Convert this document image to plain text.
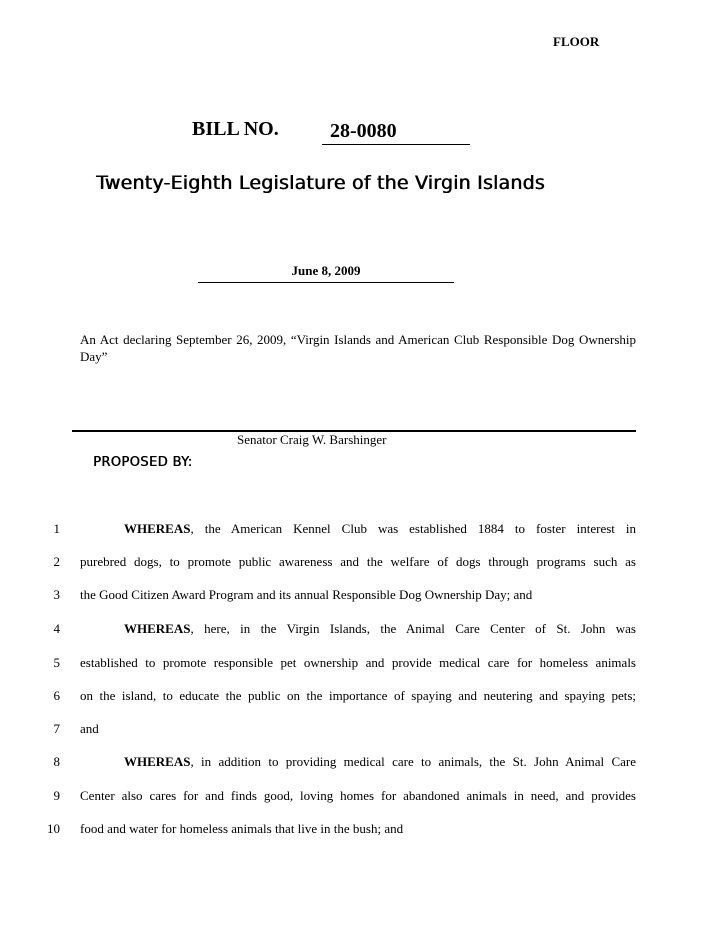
FLOOR
BILL NO.	28-0080
Twenty-Eighth Legislature of the Virgin Islands
June 8, 2009
An Act declaring September 26, 2009, “Virgin Islands and American Club Responsible Dog Ownership Day”
PROPOSED BY:
Senator Craig W. Barshinger
1	WHEREAS, the American Kennel Club was established 1884 to foster interest in
2 purebred dogs, to promote public awareness and the welfare of dogs through programs such as
3 the Good Citizen Award Program and its annual Responsible Dog Ownership Day; and
4	WHEREAS, here, in the Virgin Islands, the Animal Care Center of St. John was
5 established to promote responsible pet ownership and provide medical care for homeless animals
6 on the island, to educate the public on the importance of spaying and neutering and spaying pets;
7 and
8	WHEREAS, in addition to providing medical care to animals, the St. John Animal Care
9 Center also cares for and finds good, loving homes for abandoned animals in need, and provides
10 food and water for homeless animals that live in the bush; and
